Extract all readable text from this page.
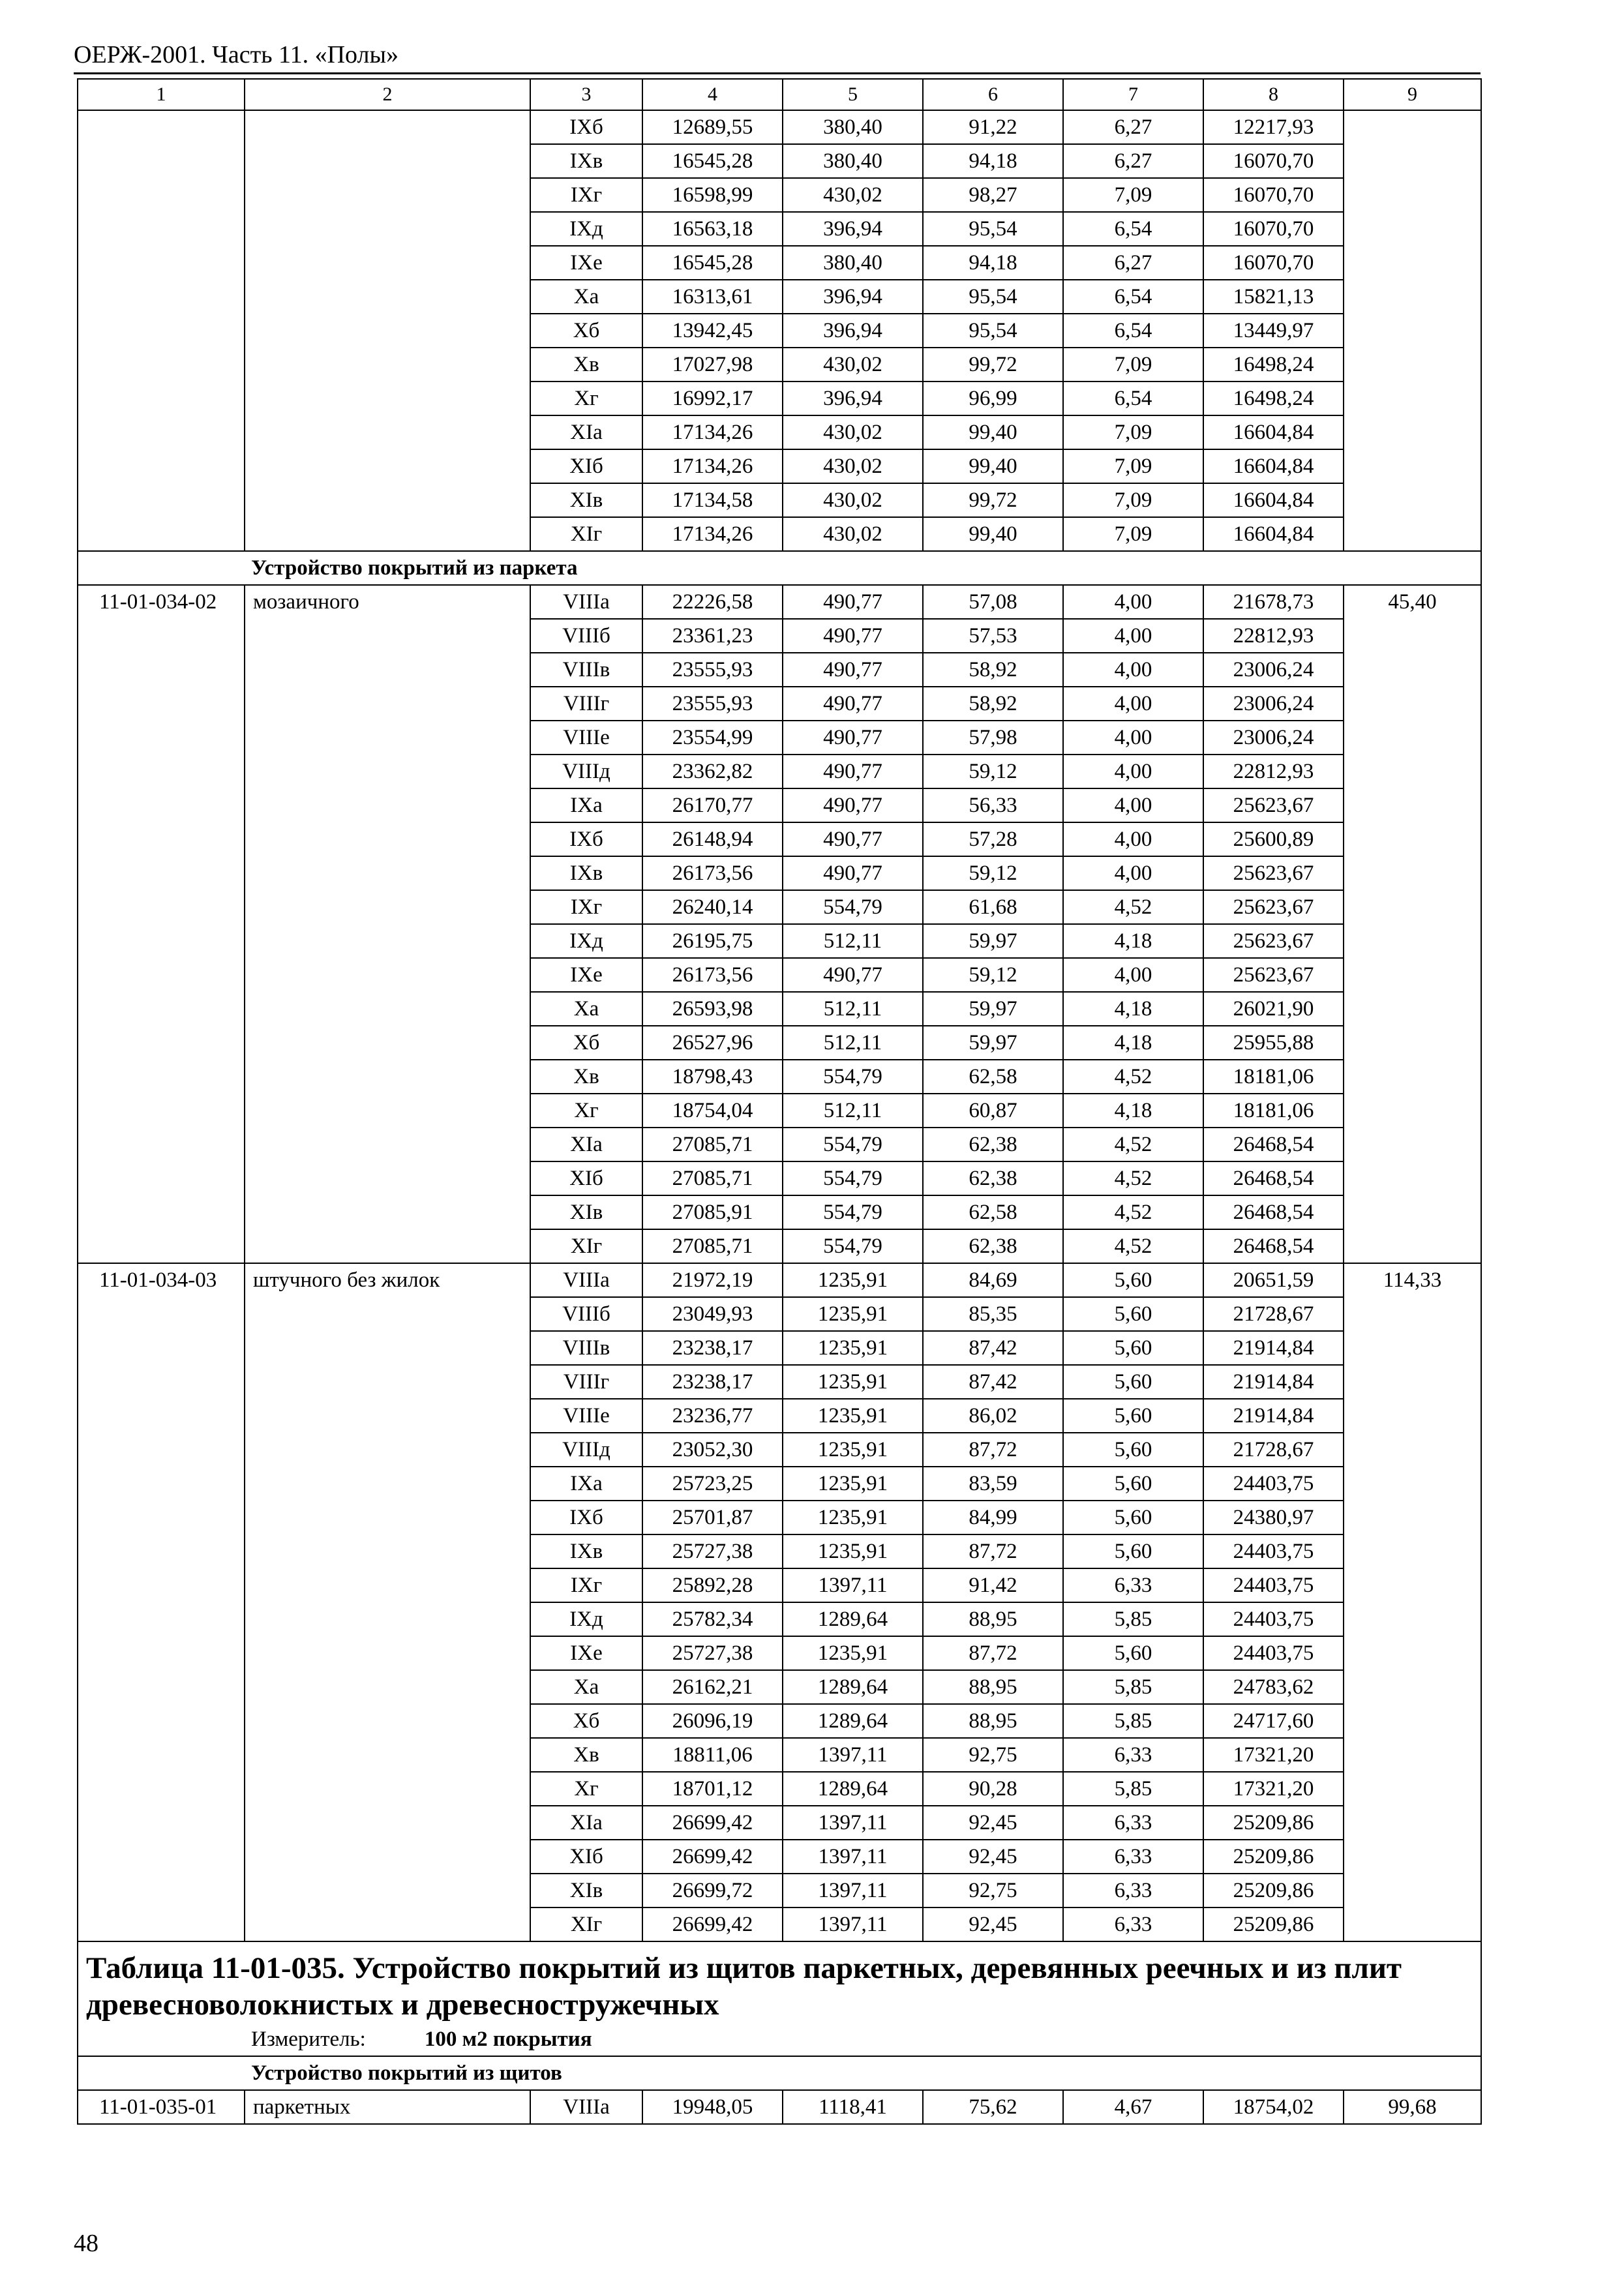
ОЕРЖ-2001. Часть 11. «Полы»
1	2	3	4	5	6	7	8	9
		IXб	12689,55	380,40	91,22	6,27	12217,93	
		IXв	16545,28	380,40	94,18	6,27	16070,70	
		IXг	16598,99	430,02	98,27	7,09	16070,70	
		IXд	16563,18	396,94	95,54	6,54	16070,70	
		IXе	16545,28	380,40	94,18	6,27	16070,70	
		Xа	16313,61	396,94	95,54	6,54	15821,13	
		Xб	13942,45	396,94	95,54	6,54	13449,97	
		Xв	17027,98	430,02	99,72	7,09	16498,24	
		Xг	16992,17	396,94	96,99	6,54	16498,24	
		XIа	17134,26	430,02	99,40	7,09	16604,84	
		XIб	17134,26	430,02	99,40	7,09	16604,84	
		XIв	17134,58	430,02	99,72	7,09	16604,84	
		XIг	17134,26	430,02	99,40	7,09	16604,84	
Устройство покрытий из паркета								
11-01-034-02	мозаичного	VIIIа	22226,58	490,77	57,08	4,00	21678,73	45,40
		VIIIб	23361,23	490,77	57,53	4,00	22812,93	
		VIIIв	23555,93	490,77	58,92	4,00	23006,24	
		VIIIг	23555,93	490,77	58,92	4,00	23006,24	
		VIIIе	23554,99	490,77	57,98	4,00	23006,24	
		VIIIд	23362,82	490,77	59,12	4,00	22812,93	
		IXа	26170,77	490,77	56,33	4,00	25623,67	
		IXб	26148,94	490,77	57,28	4,00	25600,89	
		IXв	26173,56	490,77	59,12	4,00	25623,67	
		IXг	26240,14	554,79	61,68	4,52	25623,67	
		IXд	26195,75	512,11	59,97	4,18	25623,67	
		IXе	26173,56	490,77	59,12	4,00	25623,67	
		Xа	26593,98	512,11	59,97	4,18	26021,90	
		Xб	26527,96	512,11	59,97	4,18	25955,88	
		Xв	18798,43	554,79	62,58	4,52	18181,06	
		Xг	18754,04	512,11	60,87	4,18	18181,06	
		XIа	27085,71	554,79	62,38	4,52	26468,54	
		XIб	27085,71	554,79	62,38	4,52	26468,54	
		XIв	27085,91	554,79	62,58	4,52	26468,54	
		XIг	27085,71	554,79	62,38	4,52	26468,54	
11-01-034-03	штучного без жилок	VIIIа	21972,19	1235,91	84,69	5,60	20651,59	114,33
		VIIIб	23049,93	1235,91	85,35	5,60	21728,67	
		VIIIв	23238,17	1235,91	87,42	5,60	21914,84	
		VIIIг	23238,17	1235,91	87,42	5,60	21914,84	
		VIIIе	23236,77	1235,91	86,02	5,60	21914,84	
		VIIIд	23052,30	1235,91	87,72	5,60	21728,67	
		IXа	25723,25	1235,91	83,59	5,60	24403,75	
		IXб	25701,87	1235,91	84,99	5,60	24380,97	
		IXв	25727,38	1235,91	87,72	5,60	24403,75	
		IXг	25892,28	1397,11	91,42	6,33	24403,75	
		IXд	25782,34	1289,64	88,95	5,85	24403,75	
		IXе	25727,38	1235,91	87,72	5,60	24403,75	
		Xа	26162,21	1289,64	88,95	5,85	24783,62	
		Xб	26096,19	1289,64	88,95	5,85	24717,60	
		Xв	18811,06	1397,11	92,75	6,33	17321,20	
		Xг	18701,12	1289,64	90,28	5,85	17321,20	
		XIа	26699,42	1397,11	92,45	6,33	25209,86	
		XIб	26699,42	1397,11	92,45	6,33	25209,86	
		XIв	26699,72	1397,11	92,75	6,33	25209,86	
		XIг	26699,42	1397,11	92,45	6,33	25209,86	
Таблица 11-01-035. Устройство покрытий из щитов паркетных, деревянных реечных и из плит древесноволокнистых и древесностружечных								
Измеритель: 100 м2 покрытия								
Устройство покрытий из щитов								
11-01-035-01	паркетных	VIIIа	19948,05	1118,41	75,62	4,67	18754,02	99,68
48
